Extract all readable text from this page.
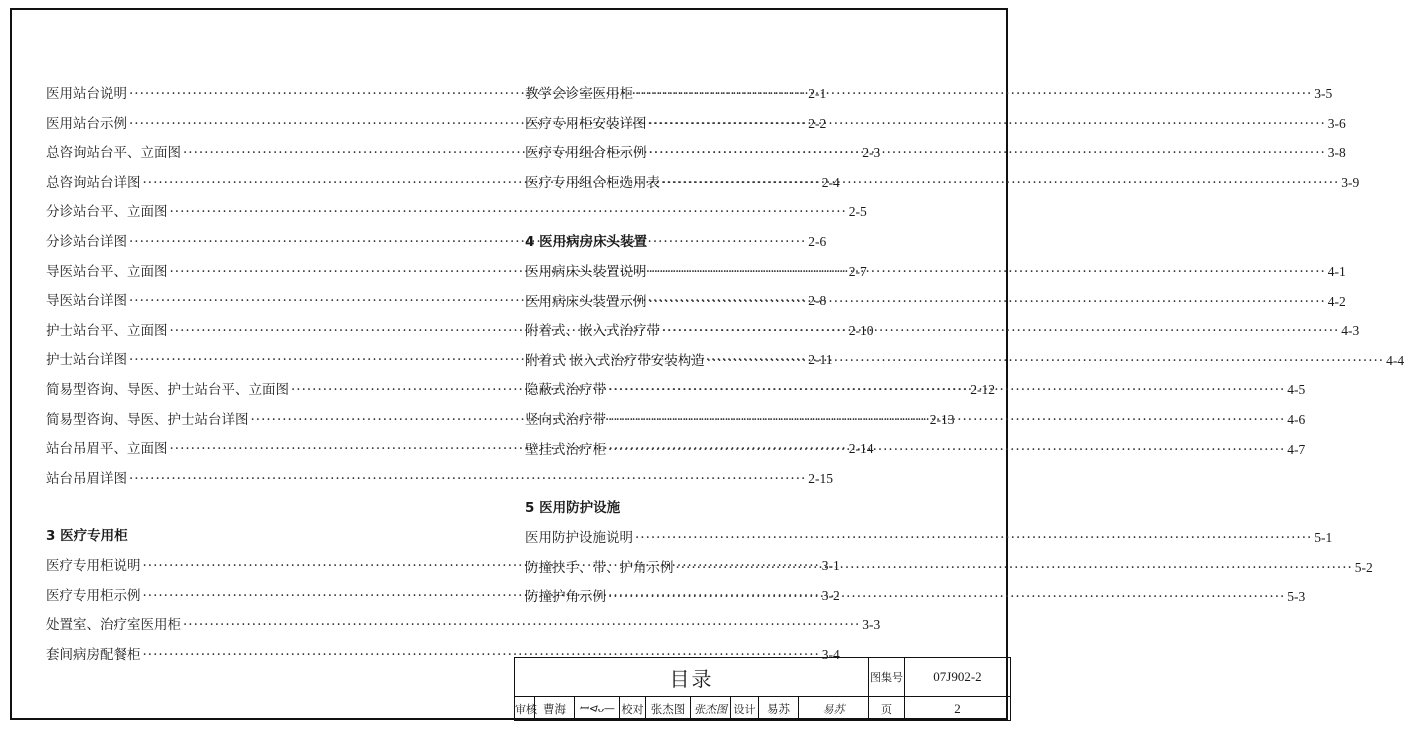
医用站台说明 ·····	2-1
医用站台示例 ·····	2-2
总咨询站台平、立面图 ·····	2-3
总咨询站台详图 ·····	2-4
分诊站台平、立面图 ·····	2-5
分诊站台详图 ·····	2-6
导医站台平、立面图 ·····	2-7
导医站台详图 ·····	2-8
护士站台平、立面图 ·····	2-10
护士站台详图 ·····	2-11
简易型咨询、导医、护士站台平、立面图 ·····	2-12
简易型咨询、导医、护士站台详图 ·····	2-13
站台吊眉平、立面图 ·····	2-14
站台吊眉详图 ·····	2-15
3 医疗专用柜
医疗专用柜说明 ·····	3-1
医疗专用柜示例 ·····	3-2
处置室、治疗室医用柜 ·····	3-3
套间病房配餐柜 ·····	3-4
教学会诊室医用柜 ·····	3-5
医疗专用柜安装详图 ·····	3-6
医疗专用组合柜示例 ·····	3-8
医疗专用组合柜选用表 ·····	3-9
4 医用病房床头装置
医用病床头装置说明 ·····	4-1
医用病床头装置示例 ·····	4-2
附着式、嵌入式治疗带 ·····	4-3
附着式 嵌入式治疗带安装构造 ·····	4-4
隐蔽式治疗带 ·····	4-5
竖向式治疗带 ·····	4-6
壁挂式治疗柜 ·····	4-7
5 医用防护设施
医用防护设施说明 ·····	5-1
防撞扶手、带、护角示例 ·····	5-2
防撞护角示例 ·····	5-3
目录									图集号	07J902-2
审核	曹海	ꟷ⊲ᴗ—	校对	张杰图	张杰图	设计	易苏	易苏	页	2
